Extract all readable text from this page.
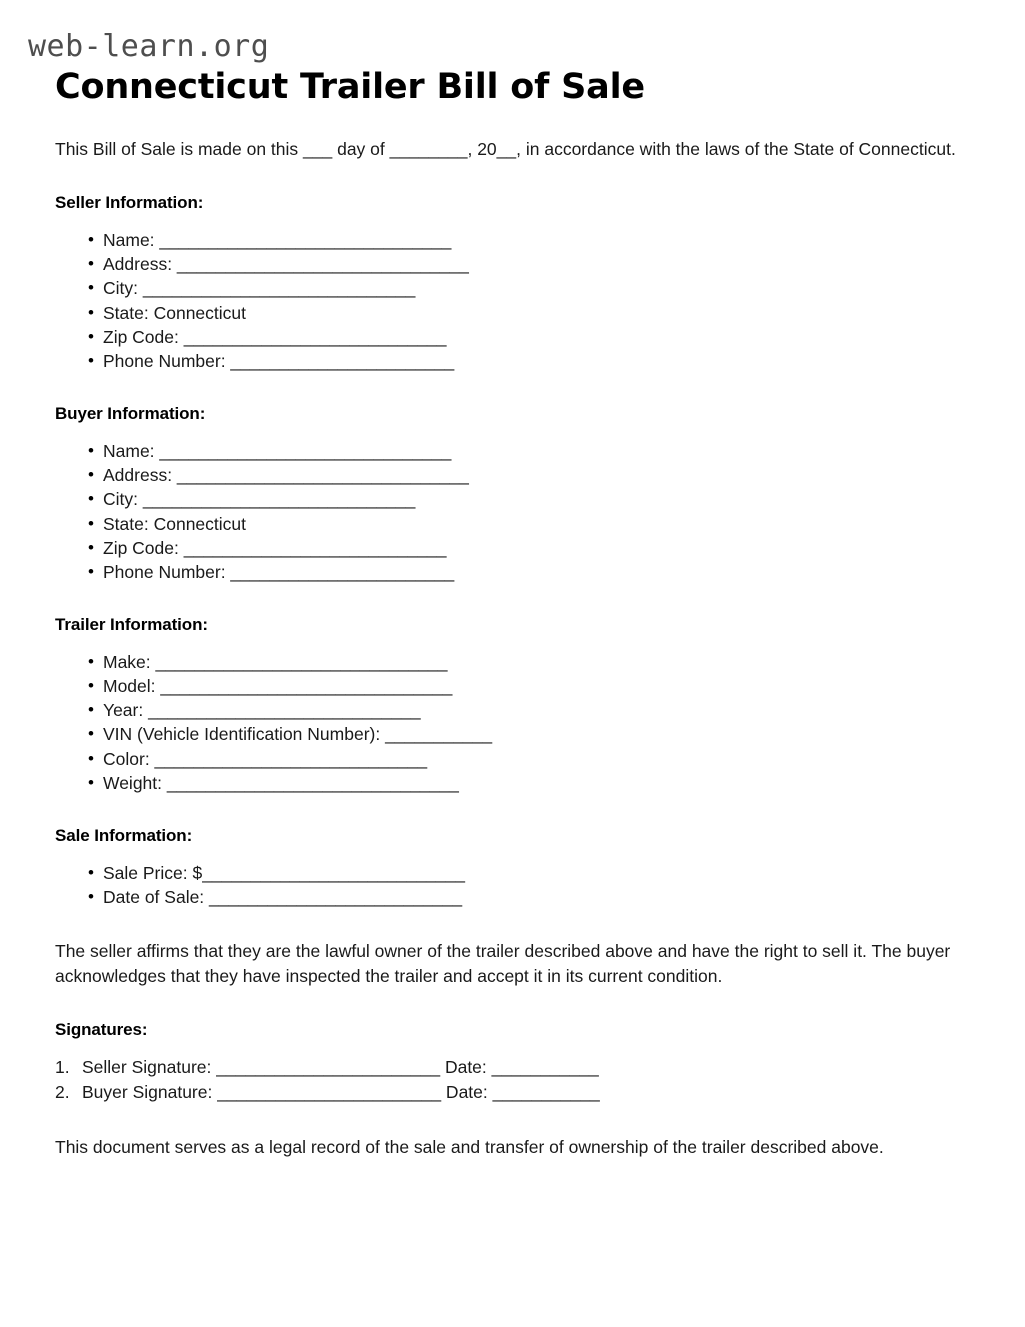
web-learn.org
Connecticut Trailer Bill of Sale

This Bill of Sale is made on this ___ day of ________, 20__, in accordance with the laws of the State of Connecticut.

Seller Information:
• Name: ______________________________
• Address: ______________________________
• City: ____________________________
• State: Connecticut
• Zip Code: ___________________________
• Phone Number: _______________________
Buyer Information:
• Name: ______________________________
• Address: ______________________________
• City: ____________________________
• State: Connecticut
• Zip Code: ___________________________
• Phone Number: _______________________
Trailer Information:
• Make: ______________________________
• Model: ______________________________
• Year: ____________________________
• VIN (Vehicle Identification Number): ___________
• Color: ____________________________
• Weight: ______________________________
Sale Information:
• Sale Price: $___________________________
• Date of Sale: __________________________

The seller affirms that they are the lawful owner of the trailer described above and have the right to sell it. The buyer acknowledges that they have inspected the trailer and accept it in its current condition.

Signatures:
Seller Signature: _______________________ Date: ___________
Buyer Signature: _______________________ Date: ___________

This document serves as a legal record of the sale and transfer of ownership of the trailer described above.
